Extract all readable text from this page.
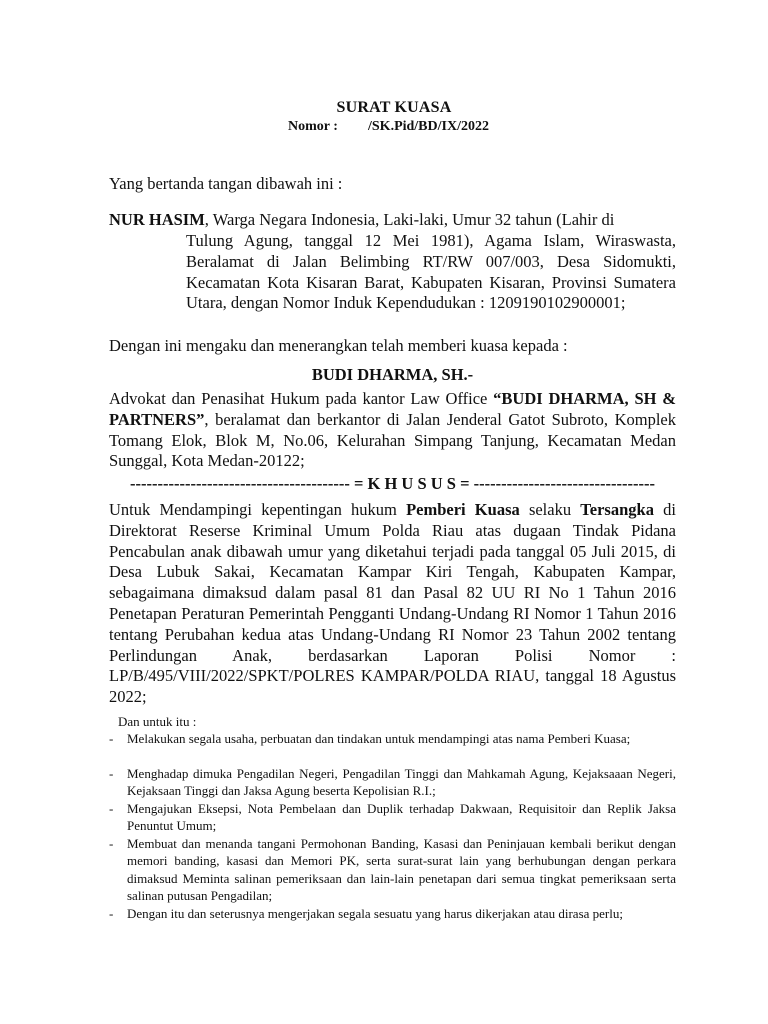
SURAT KUASA
Nomor : /SK.Pid/BD/IX/2022
Yang bertanda tangan dibawah ini :
NUR HASIM, Warga Negara Indonesia, Laki-laki, Umur 32 tahun (Lahir di
Tulung Agung, tanggal 12 Mei 1981), Agama Islam, Wiraswasta, Beralamat di Jalan Belimbing RT/RW 007/003, Desa Sidomukti, Kecamatan Kota Kisaran Barat, Kabupaten Kisaran, Provinsi Sumatera Utara, dengan Nomor Induk Kependudukan : 1209190102900001;
Dengan ini mengaku dan menerangkan telah memberi kuasa kepada :
BUDI DHARMA, SH.-
Advokat dan Penasihat Hukum pada kantor Law Office “BUDI DHARMA, SH & PARTNERS”, beralamat dan berkantor di Jalan Jenderal Gatot Subroto, Komplek Tomang Elok, Blok M, No.06, Kelurahan Simpang Tanjung, Kecamatan Medan Sunggal, Kota Medan-20122;
---------------------------------------- = K H U S U S = ---------------------------------
Untuk Mendampingi kepentingan hukum Pemberi Kuasa selaku Tersangka di Direktorat Reserse Kriminal Umum Polda Riau atas dugaan Tindak Pidana Pencabulan anak dibawah umur yang diketahui terjadi pada tanggal 05 Juli 2015, di Desa Lubuk Sakai, Kecamatan Kampar Kiri Tengah, Kabupaten Kampar, sebagaimana dimaksud dalam pasal 81 dan Pasal 82 UU RI No 1 Tahun 2016 Penetapan Peraturan Pemerintah Pengganti Undang-Undang RI Nomor 1 Tahun 2016 tentang Perubahan kedua atas Undang-Undang RI Nomor 23 Tahun 2002 tentang Perlindungan Anak, berdasarkan Laporan Polisi Nomor : LP/B/495/VIII/2022/SPKT/POLRES KAMPAR/POLDA RIAU, tanggal 18 Agustus 2022;
Dan untuk itu :
- Melakukan segala usaha, perbuatan dan tindakan untuk mendampingi atas nama Pemberi Kuasa;
- Menghadap dimuka Pengadilan Negeri, Pengadilan Tinggi dan Mahkamah Agung, Kejaksaaan Negeri, Kejaksaan Tinggi dan Jaksa Agung beserta Kepolisian R.I.;
- Mengajukan Eksepsi, Nota Pembelaan dan Duplik terhadap Dakwaan, Requisitoir dan Replik Jaksa Penuntut Umum;
- Membuat dan menanda tangani Permohonan Banding, Kasasi dan Peninjauan kembali berikut dengan memori banding, kasasi dan Memori PK, serta surat-surat lain yang berhubungan dengan perkara dimaksud Meminta salinan pemeriksaan dan lain-lain penetapan dari semua tingkat pemeriksaan serta salinan putusan Pengadilan;
- Dengan itu dan seterusnya mengerjakan segala sesuatu yang harus dikerjakan atau dirasa perlu;
